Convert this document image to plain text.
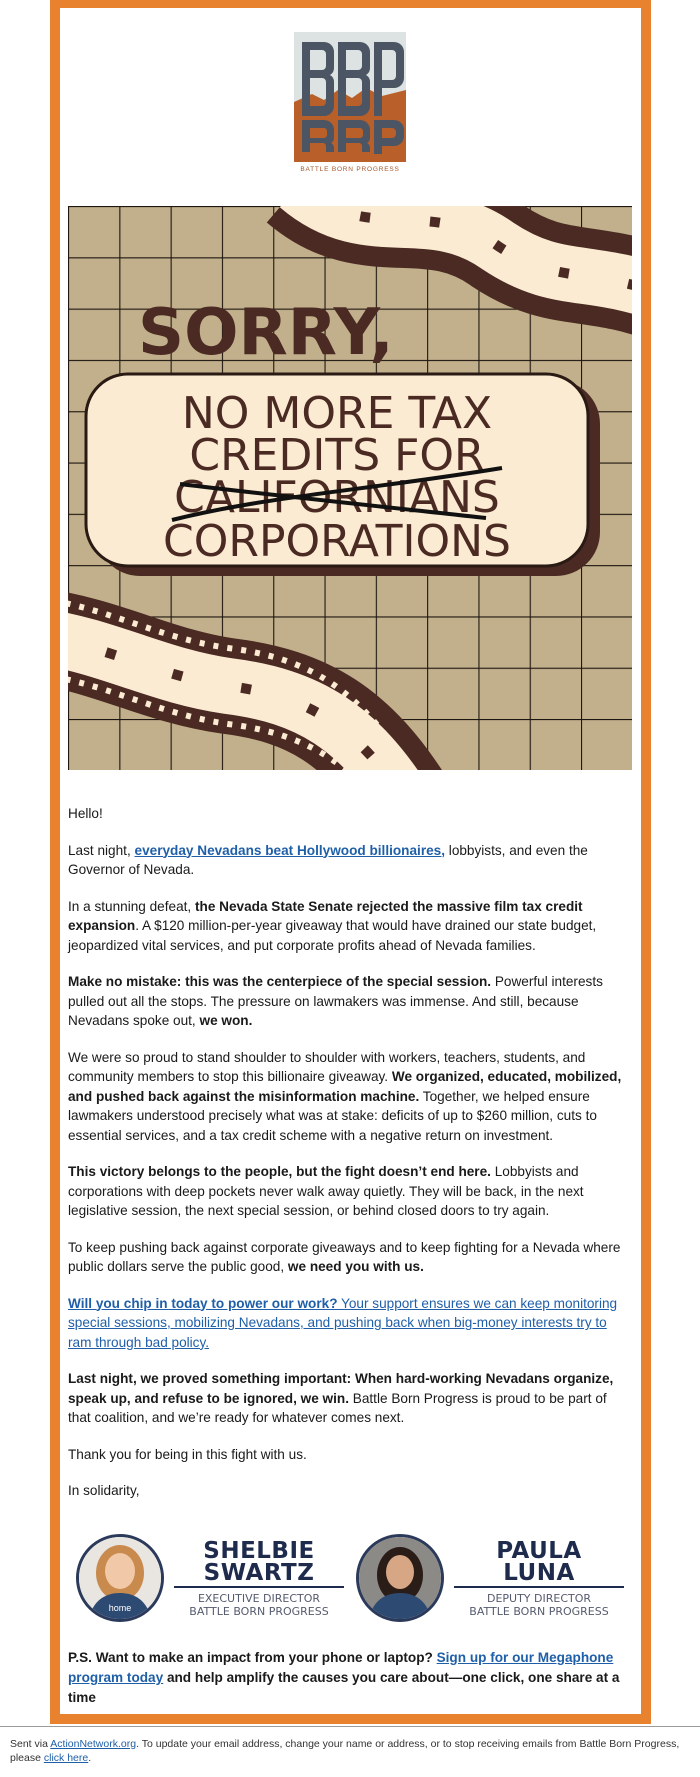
BATTLE BORN PROGRESS
SORRY,
NO MORE TAX
CREDITS FOR
CALIFORNIANS
CORPORATIONS

Hello!

Last night, everyday Nevadans beat Hollywood billionaires, lobbyists, and even the Governor of Nevada.

In a stunning defeat, the Nevada State Senate rejected the massive film tax credit expansion. A $120 million-per-year giveaway that would have drained our state budget, jeopardized vital services, and put corporate profits ahead of Nevada families.

Make no mistake: this was the centerpiece of the special session. Powerful interests pulled out all the stops. The pressure on lawmakers was immense. And still, because Nevadans spoke out, we won.

We were so proud to stand shoulder to shoulder with workers, teachers, students, and community members to stop this billionaire giveaway. We organized, educated, mobilized, and pushed back against the misinformation machine. Together, we helped ensure lawmakers understood precisely what was at stake: deficits of up to $260 million, cuts to essential services, and a tax credit scheme with a negative return on investment.

This victory belongs to the people, but the fight doesn’t end here. Lobbyists and corporations with deep pockets never walk away quietly. They will be back, in the next legislative session, the next special session, or behind closed doors to try again.

To keep pushing back against corporate giveaways and to keep fighting for a Nevada where public dollars serve the public good, we need you with us.

Will you chip in today to power our work? Your support ensures we can keep monitoring special sessions, mobilizing Nevadans, and pushing back when big-money interests try to ram through bad policy.

Last night, we proved something important: When hard-working Nevadans organize, speak up, and refuse to be ignored, we win. Battle Born Progress is proud to be part of that coalition, and we’re ready for whatever comes next.

Thank you for being in this fight with us.

In solidarity,

home
SHELBIE
SWARTZ
EXECUTIVE DIRECTOR
BATTLE BORN PROGRESS
PAULA
LUNA
DEPUTY DIRECTOR
BATTLE BORN PROGRESS
P.S. Want to make an impact from your phone or laptop? Sign up for our Megaphone program today and help amplify the causes you care about—one click, one share at a time
Sent via ActionNetwork.org. To update your email address, change your name or address, or to stop receiving emails from Battle Born Progress, please click here.
